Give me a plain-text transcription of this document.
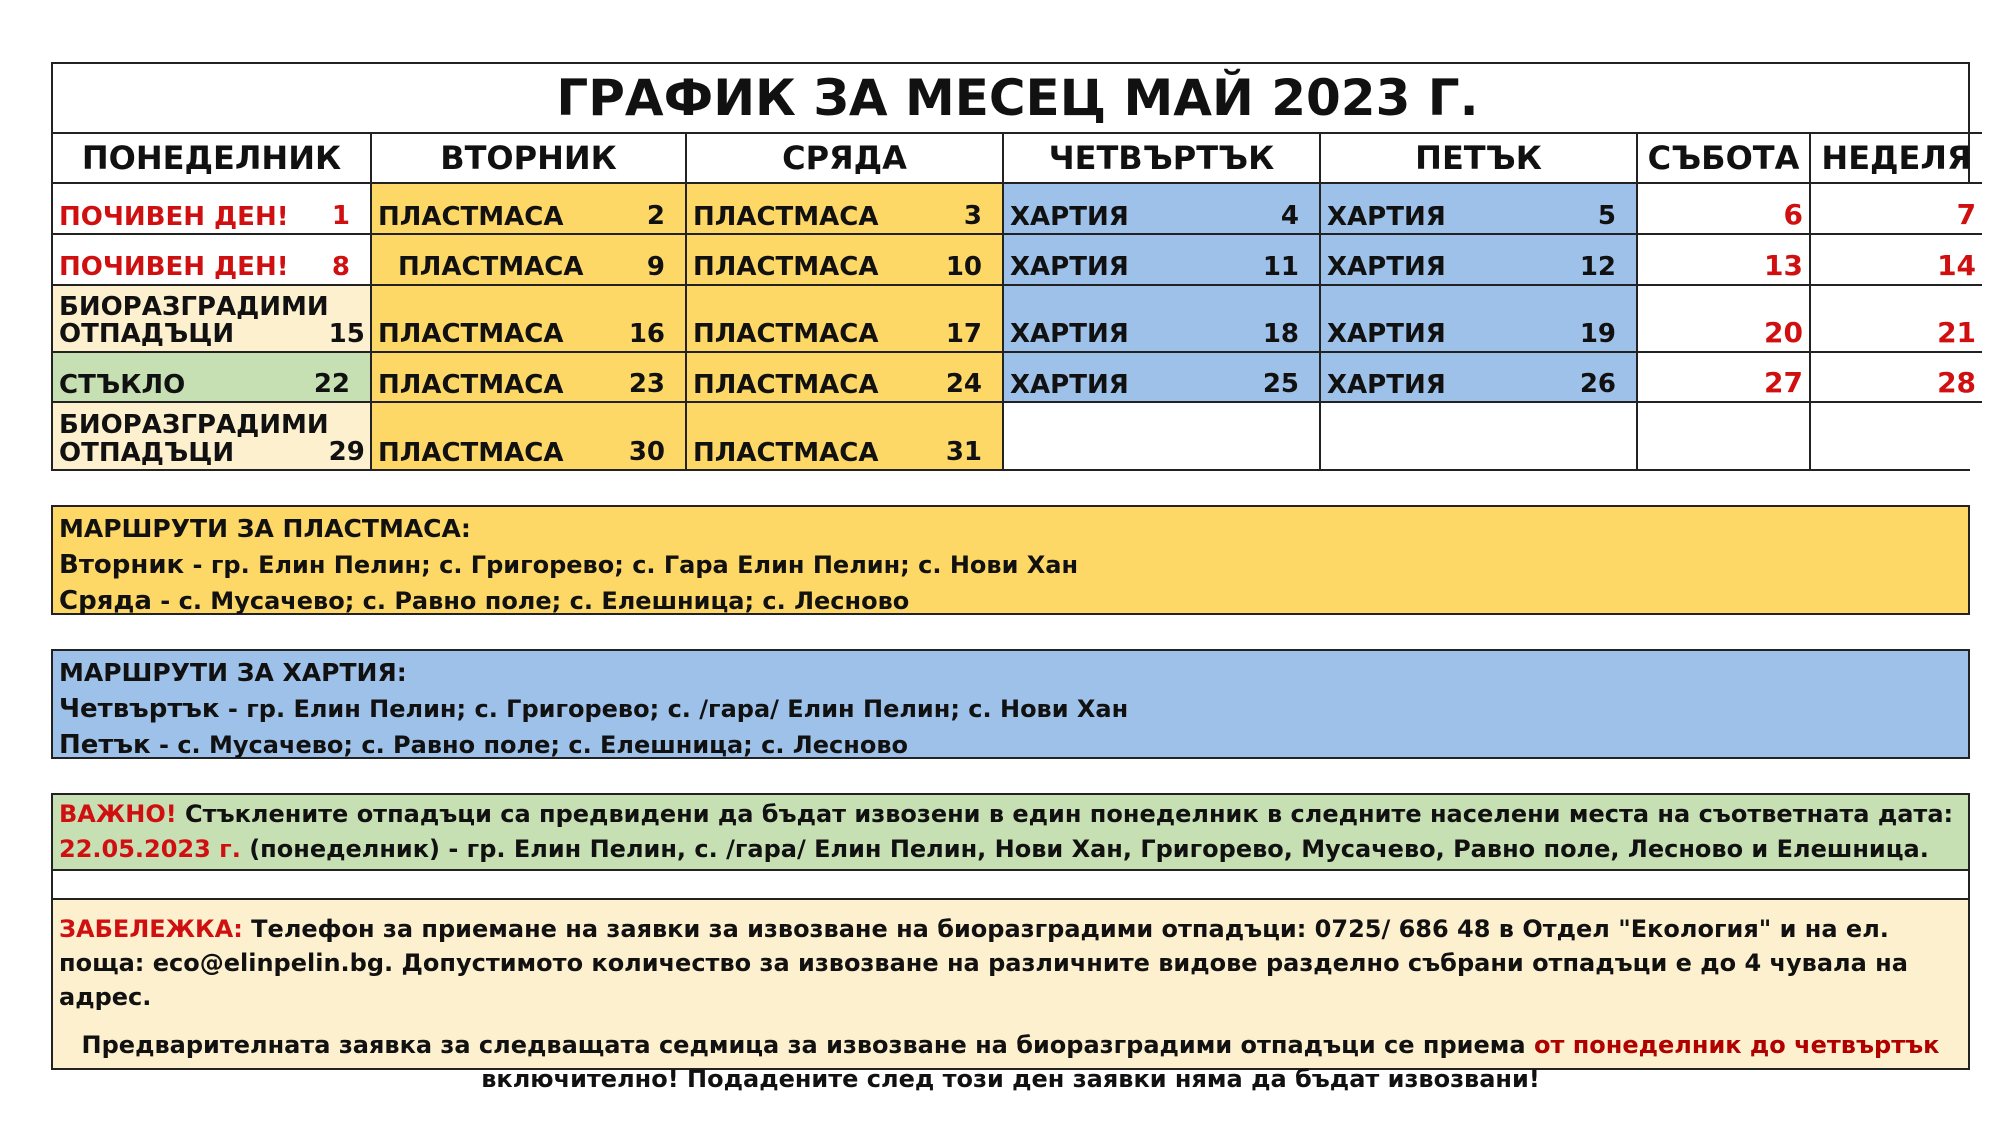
ГРАФИК ЗА МЕСЕЦ МАЙ 2023 Г.						
ПОНЕДЕЛНИК	ВТОРНИК	СРЯДА	ЧЕТВЪРТЪК	ПЕТЪК	СЪБОТА	НЕДЕЛЯ

ПОЧИВЕН ДЕН! 1	ПЛАСТМАСА 2	ПЛАСТМАСА 3	ХАРТИЯ 4	ХАРТИЯ 5	6	7

ПОЧИВЕН ДЕН! 8	ПЛАСТМАСА 9	ПЛАСТМАСА 10	ХАРТИЯ 11	ХАРТИЯ 12	13	14

БИОРАЗГРАДИМИ
ОТПАДЪЦИ 15	ПЛАСТМАСА 16	ПЛАСТМАСА 17	ХАРТИЯ 18	ХАРТИЯ 19	20	21

СТЪКЛО 22	ПЛАСТМАСА 23	ПЛАСТМАСА 24	ХАРТИЯ 25	ХАРТИЯ 26	27	28

БИОРАЗГРАДИМИ
ОТПАДЪЦИ 29	ПЛАСТМАСА 30	ПЛАСТМАСА 31				

МАРШРУТИ ЗА ПЛАСТМАСА:
Вторник - гр. Елин Пелин; с. Григорево; с. Гара Елин Пелин; с. Нови Хан
Сряда - с. Мусачево; с. Равно поле; с. Елешница; с. Лесново
МАРШРУТИ ЗА ХАРТИЯ:
Четвъртък - гр. Елин Пелин; с. Григорево; с. /гара/ Елин Пелин; с. Нови Хан
Петък - с. Мусачево; с. Равно поле; с. Елешница; с. Лесново
ВАЖНО! Стъклените отпадъци са предвидени да бъдат извозени в един понеделник в следните населени места на съответната дата:
22.05.2023 г. (понеделник) - гр. Елин Пелин, с. /гара/ Елин Пелин, Нови Хан, Григорево, Мусачево, Равно поле, Лесново и Елешница.
ЗАБЕЛЕЖКА: Телефон за приемане на заявки за извозване на биоразградими отпадъци: 0725/ 686 48 в Отдел "Екология" и на ел. поща: eco@elinpelin.bg. Допустимото количество за извозване на различните видове разделно събрани отпадъци е до 4 чувала на адрес.
Предварителната заявка за следващата седмица за извозване на биоразградими отпадъци се приема от понеделник до четвъртък
включително! Подадените след този ден заявки няма да бъдат извозвани!
